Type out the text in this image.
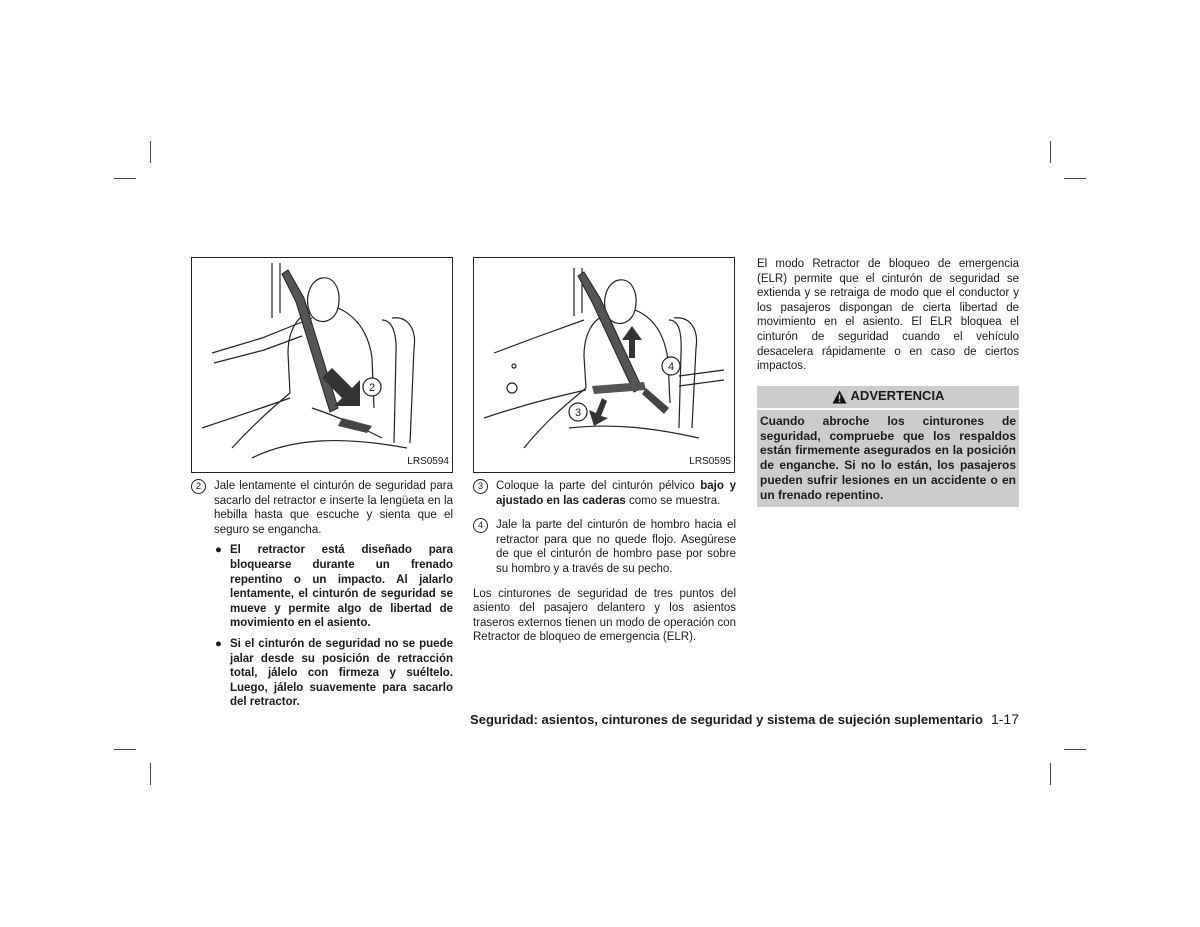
2
LRS0594
2	Jale lentamente el cinturón de seguridad para sacarlo del retractor e inserte la lengüeta en la hebilla hasta que escuche y sienta que el seguro se engancha.
● El retractor está diseñado para bloquearse durante un frenado repentino o un impacto. Al jalarlo lentamente, el cinturón de seguridad se mueve y permite algo de libertad de movimiento en el asiento.
● Si el cinturón de seguridad no se puede jalar desde su posición de retracción total, jálelo con firmeza y suéltelo. Luego, jálelo suavemente para sacarlo del retractor.
4
3
LRS0595
3	Coloque la parte del cinturón pélvico bajo y ajustado en las caderas como se muestra.
4	Jale la parte del cinturón de hombro hacia el retractor para que no quede flojo. Asegúrese de que el cinturón de hombro pase por sobre su hombro y a través de su pecho.

Los cinturones de seguridad de tres puntos del asiento del pasajero delantero y los asientos traseros externos tienen un modo de operación con Retractor de bloqueo de emergencia (ELR).

El modo Retractor de bloqueo de emergencia (ELR) permite que el cinturón de seguridad se extienda y se retraiga de modo que el conductor y los pasajeros dispongan de cierta libertad de movimiento en el asiento. El ELR bloquea el cinturón de seguridad cuando el vehículo desacelera rápidamente o en caso de ciertos impactos.

ADVERTENCIA
Cuando abroche los cinturones de seguridad, compruebe que los respaldos están firmemente asegurados en la posición de enganche. Si no lo están, los pasajeros pueden sufrir lesiones en un accidente o en un frenado repentino.
Seguridad: asientos, cinturones de seguridad y sistema de sujeción suplementario 1-17
